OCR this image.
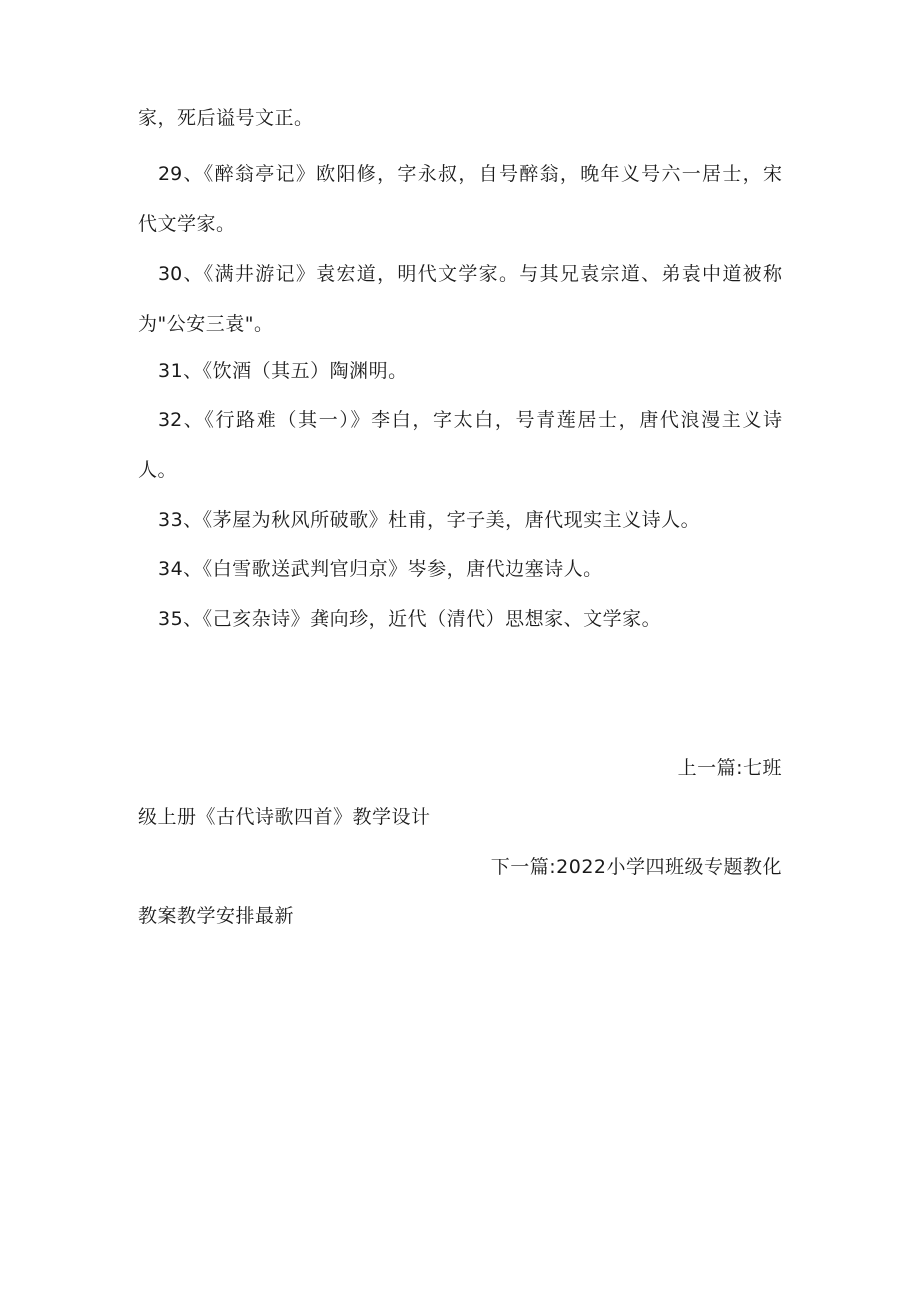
家，死后谥号文正。
29、《醉翁亭记》欧阳修，字永叔，自号醉翁，晚年义号六一居士，宋
代文学家。
30、《满井游记》袁宏道，明代文学家。与其兄袁宗道、弟袁中道被称
为"公安三袁"。
31、《饮酒（其五）陶渊明。
32、《行路难（其一）》李白，字太白，号青莲居士，唐代浪漫主义诗
人。
33、《茅屋为秋风所破歌》杜甫，字子美，唐代现实主义诗人。
34、《白雪歌送武判官归京》岑参，唐代边塞诗人。
35、《己亥杂诗》龚向珍，近代（清代）思想家、文学家。
上一篇:七班
级上册《古代诗歌四首》教学设计
下一篇:2022小学四班级专题教化
教案教学安排最新
